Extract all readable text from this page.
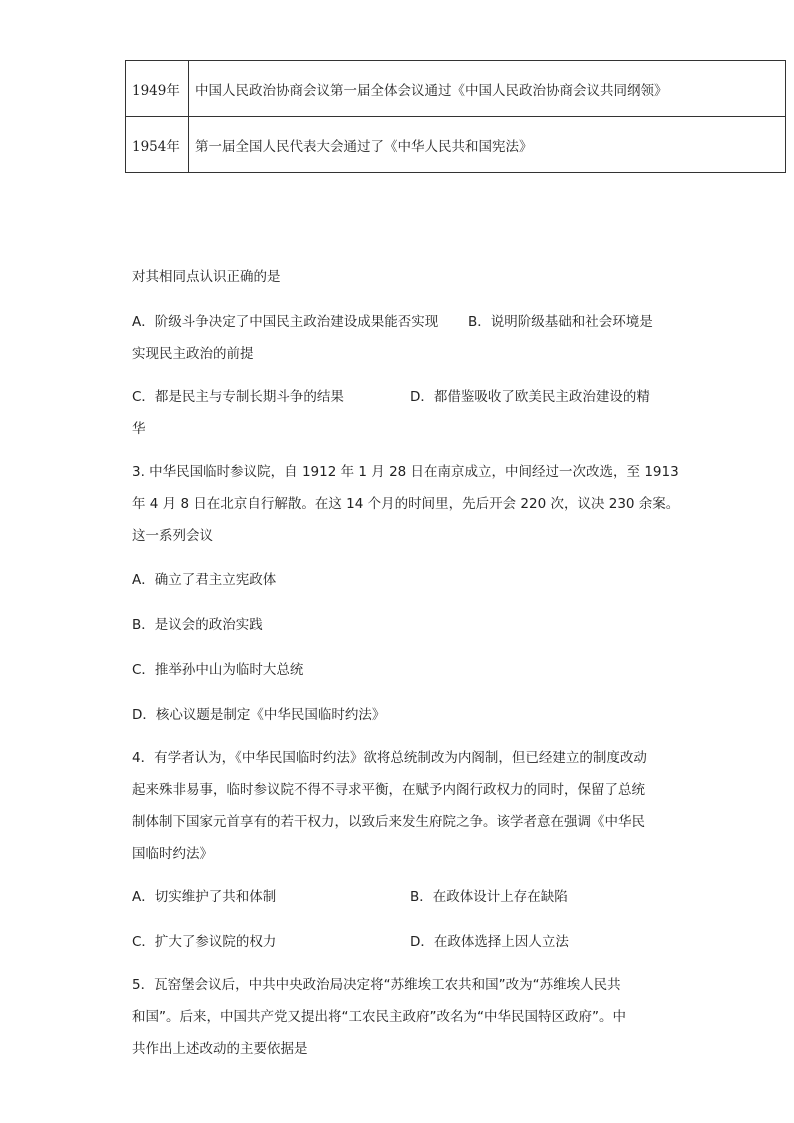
1949年	中国人民政治协商会议第一届全体会议通过《中国人民政治协商会议共同纲领》
1954年	第一届全国人民代表大会通过了《中华人民共和国宪法》
对其相同点认识正确的是
A．阶级斗争决定了中国民主政治建设成果能否实现 B．说明阶级基础和社会环境是
实现民主政治的前提
C．都是民主与专制长期斗争的结果	D．都借鉴吸收了欧美民主政治建设的精
华
3. 中华民国临时参议院，自 1912 年 1 月 28 日在南京成立，中间经过一次改选，至 1913
年 4 月 8 日在北京自行解散。在这 14 个月的时间里，先后开会 220 次，议决 230 余案。
这一系列会议
A．确立了君主立宪政体
B．是议会的政治实践
C．推举孙中山为临时大总统
D．核心议题是制定《中华民国临时约法》
4．有学者认为，《中华民国临时约法》欲将总统制改为内阁制，但已经建立的制度改动
起来殊非易事，临时参议院不得不寻求平衡，在赋予内阁行政权力的同时，保留了总统
制体制下国家元首享有的若干权力，以致后来发生府院之争。该学者意在强调《中华民
国临时约法》
A．切实维护了共和体制	B．在政体设计上存在缺陷
C．扩大了参议院的权力	D．在政体选择上因人立法
5．瓦窑堡会议后，中共中央政治局决定将“苏维埃工农共和国”改为“苏维埃人民共
和国”。后来，中国共产党又提出将“工农民主政府”改名为“中华民国特区政府”。中
共作出上述改动的主要依据是
